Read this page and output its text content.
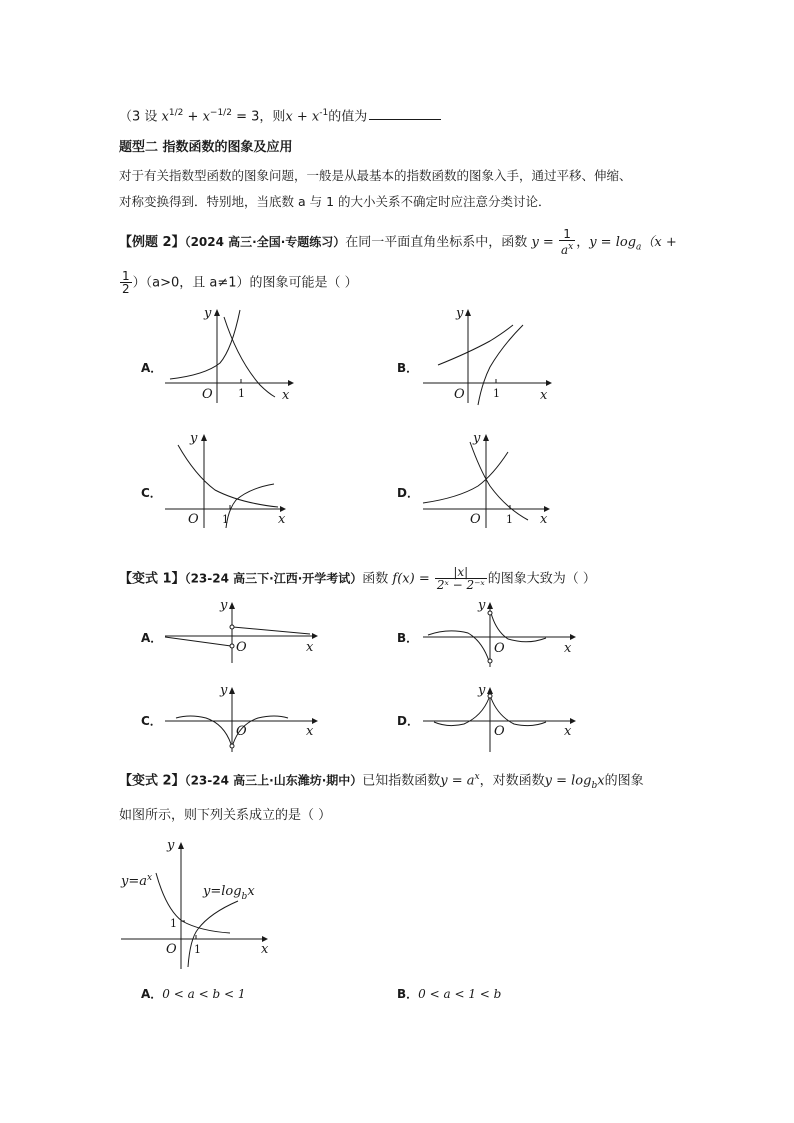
（3 设 $x^{1/2} + x^{-1/2} = 3$，则$x + x^{-1}$的值为
题型二 指数函数的图象及应用
对于有关指数型函数的图象问题，一般是从最基本的指数函数的图象入手，通过平移、伸缩、
对称变换得到．特别地，当底数 a 与 1 的大小关系不确定时应注意分类讨论．
【例题 2】（2024 高三·全国·专题练习）在同一平面直角坐标系中，函数 $y = \frac{1}{a^x}$ ，$y = \log_a(x$ +
$\frac{1}{2} )(a>0$，且 a≠1）的图象可能是（ ）
A．	B．
C．	D．
y
O 1	x
y
O	1	x
y
O 1	x
y
O 1 x
【变式 1】（23-24 高三下·江西·开学考试）函数 $f(x) = \frac{|x|}{\text{2ˣ − 2⁻ˣ}}$ 的图象大致为（ ）
A．	B．
C．	D．
y
O	x
y
O	x
y
O	x
y
O	x
【变式 2】（23-24 高三上·山东潍坊·期中）已知指数函数$y = a^x$，对数函数$y = \log_bx$的图象
如图所示，则下列关系成立的是（ ）
y
$y=a^x$
$y=\log_bx$
1
O 1	x
A．0 < a < b < 1	B．0 < a < 1 < b
